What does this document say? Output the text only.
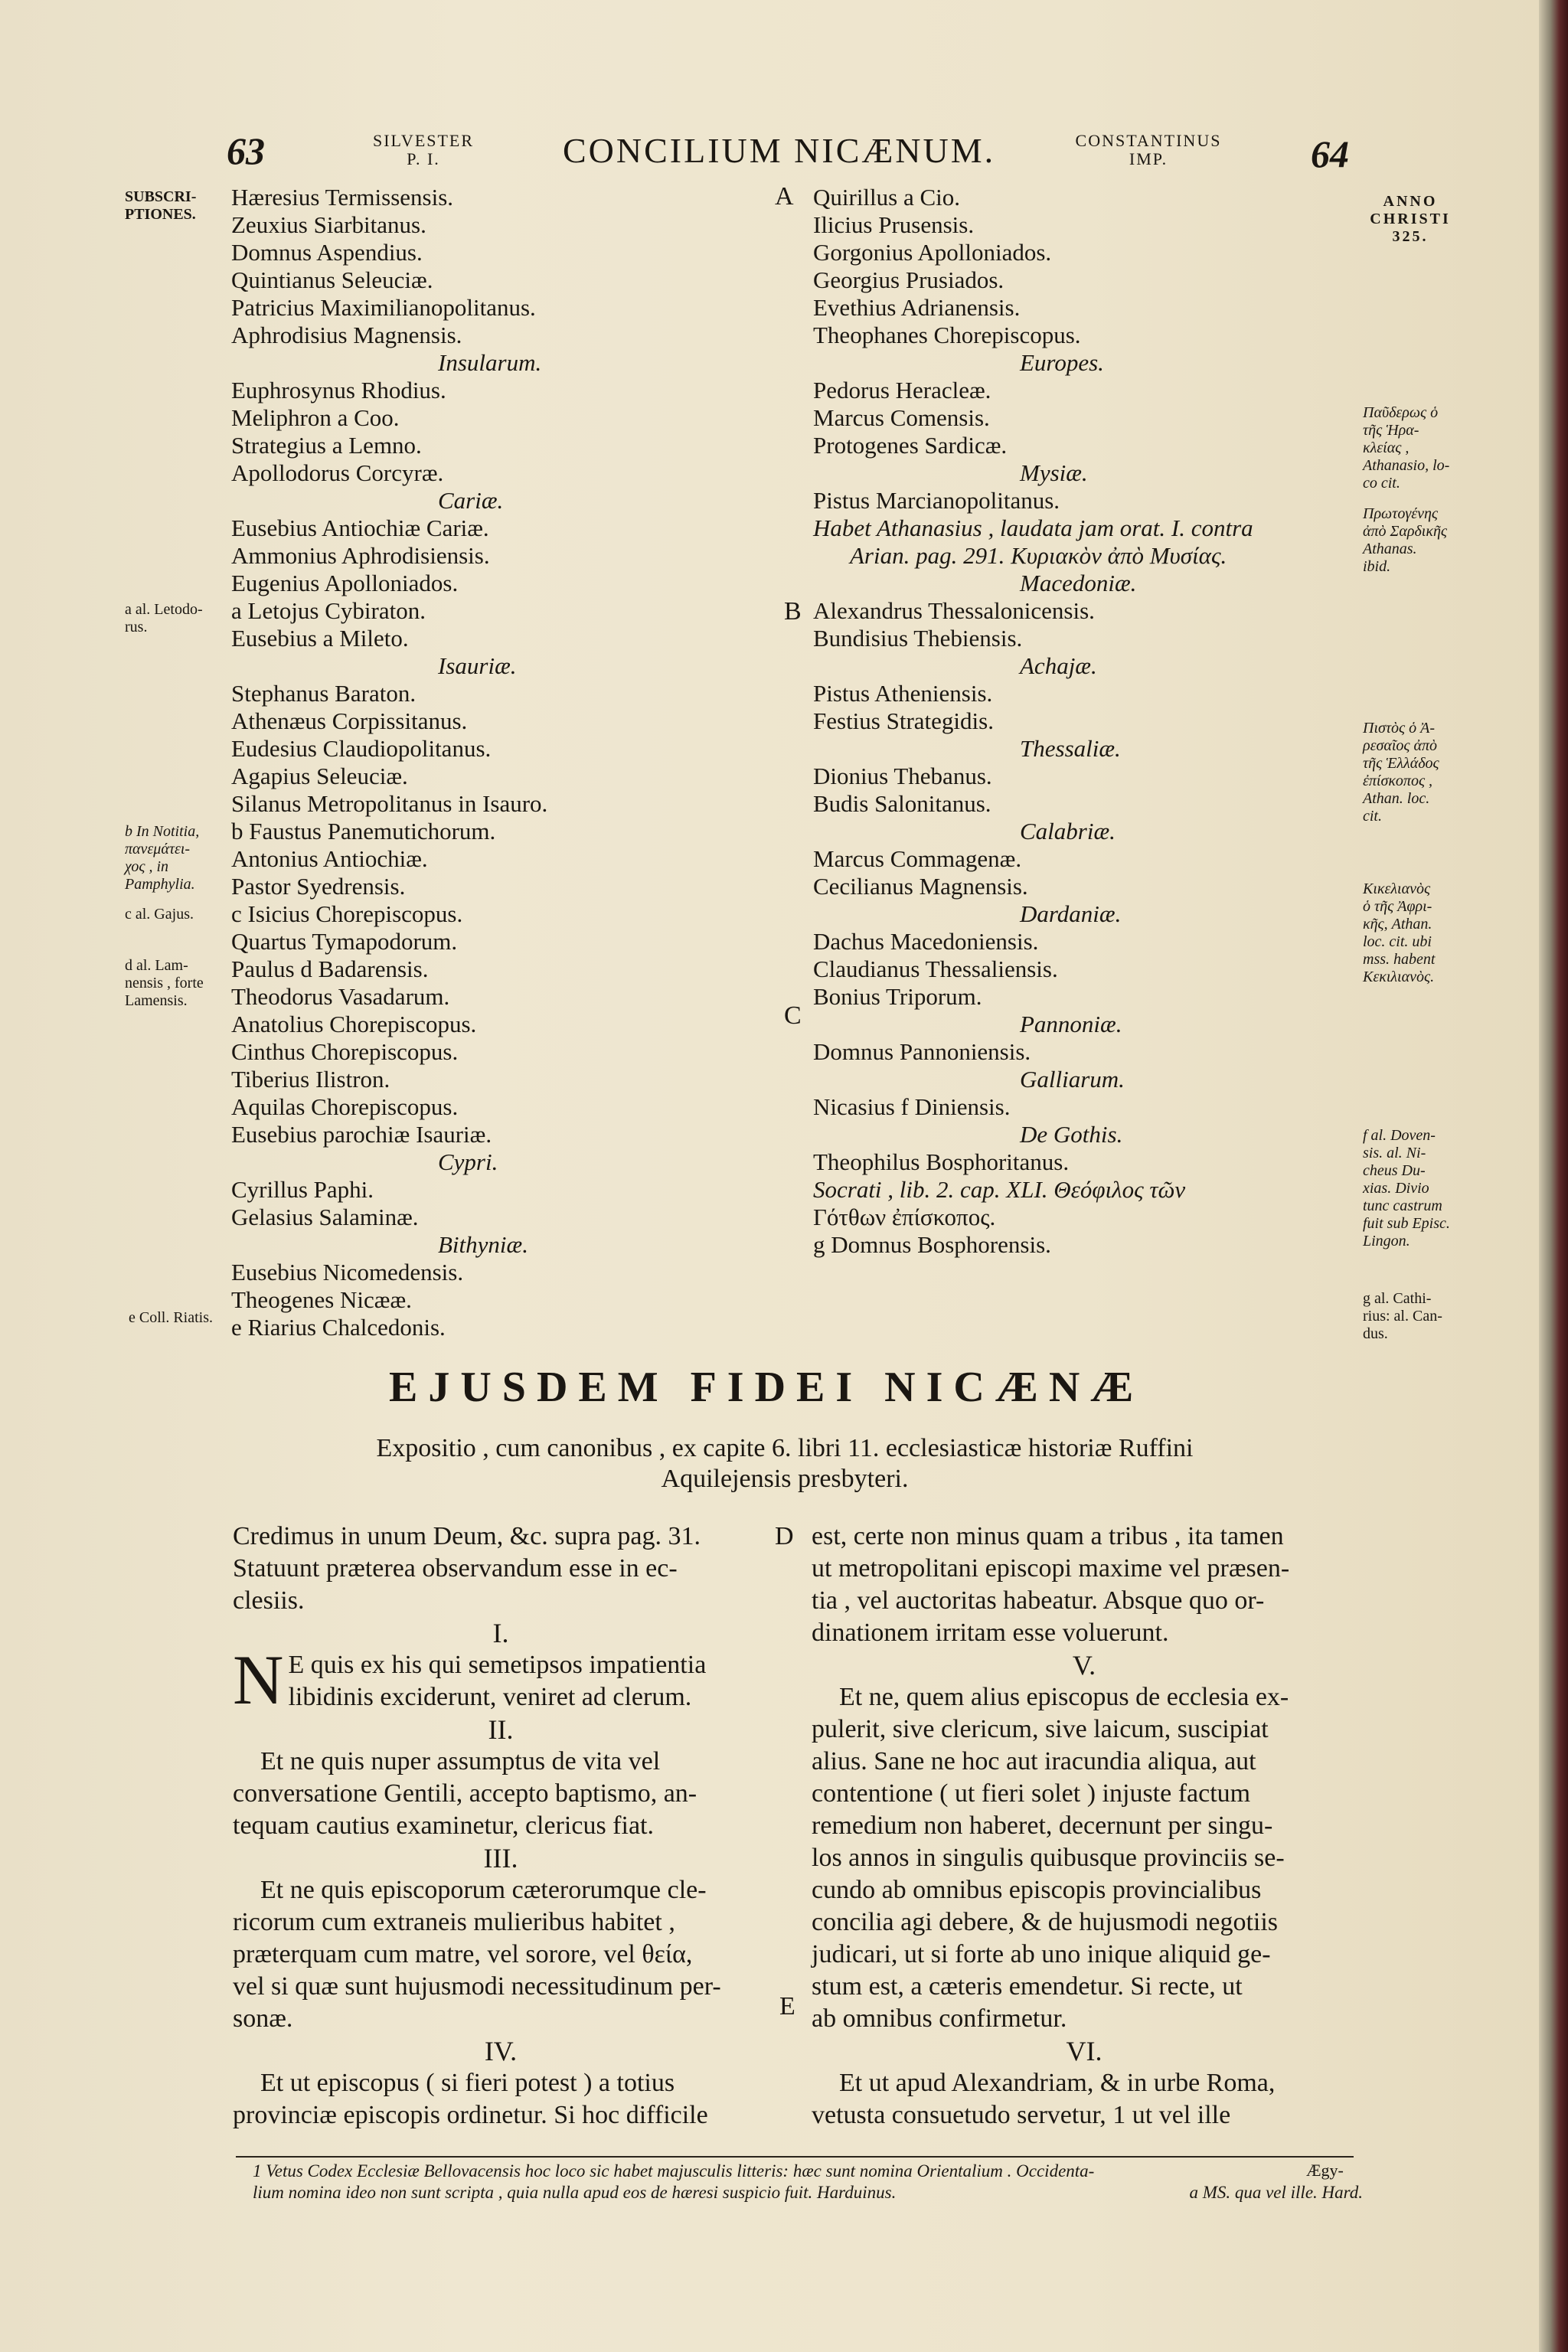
63	SILVESTER
P. I.	CONCILIUM NICÆNUM.	CONSTANTINUS
IMP.	64
SUBSCRI-
PTIONES.
a al. Letodo-
rus.
b In Notitia,
πανεμάτει-
χος , in
Pamphylia.
c al. Gajus.
d al. Lam-
nensis , forte
Lamensis.
e Coll. Riatis.
ANNO
CHRISTI
325.
Παῦδερως ὁ
τῆς Ἡρα-
κλείας ,
Athanasio, lo-
co cit.
Πρωτογένης
ἀπὸ Σαρδικῆς
Athanas.
ibid.
Πιστὸς ὁ Ἀ-
ρεσαῖος ἀπὸ
τῆς Ἑλλάδος
ἐπίσκοπος ,
Athan. loc.
cit.
Κικελιανὸς
ὁ τῆς Ἀφρι-
κῆς, Athan.
loc. cit. ubi
mss. habent
Κεκιλιανὸς.
f al. Doven-
sis. al. Ni-
cheus Du-
xias. Divio
tunc castrum
fuit sub Episc.
Lingon.
g al. Cathi-
rius: al. Can-
dus.
A
B
C
D
E
Hæresius Termissensis.
Zeuxius Siarbitanus.
Domnus Aspendius.
Quintianus Seleuciæ.
Patricius Maximilianopolitanus.
Aphrodisius Magnensis.
Insularum.
Euphrosynus Rhodius.
Meliphron a Coo.
Strategius a Lemno.
Apollodorus Corcyræ.
Cariæ.
Eusebius Antiochiæ Cariæ.
Ammonius Aphrodisiensis.
Eugenius Apolloniados.
a Letojus Cybiraton.
Eusebius a Mileto.
Isauriæ.
Stephanus Baraton.
Athenæus Corpissitanus.
Eudesius Claudiopolitanus.
Agapius Seleuciæ.
Silanus Metropolitanus in Isauro.
b Faustus Panemutichorum.
Antonius Antiochiæ.
Pastor Syedrensis.
c Isicius Chorepiscopus.
Quartus Tymapodorum.
Paulus d Badarensis.
Theodorus Vasadarum.
Anatolius Chorepiscopus.
Cinthus Chorepiscopus.
Tiberius Ilistron.
Aquilas Chorepiscopus.
Eusebius parochiæ Isauriæ.
Cypri.
Cyrillus Paphi.
Gelasius Salaminæ.
Bithyniæ.
Eusebius Nicomedensis.
Theogenes Nicææ.
e Riarius Chalcedonis.
Quirillus a Cio.
Ilicius Prusensis.
Gorgonius Apolloniados.
Georgius Prusiados.
Evethius Adrianensis.
Theophanes Chorepiscopus.
Europes.
Pedorus Heracleæ.
Marcus Comensis.
Protogenes Sardicæ.
Mysiæ.
Pistus Marcianopolitanus.
Habet Athanasius , laudata jam orat. I. contra
Arian. pag. 291. Κυριακὸν ἀπὸ Μυσίας.
Macedoniæ.
Alexandrus Thessalonicensis.
Bundisius Thebiensis.
Achajæ.
Pistus Atheniensis.
Festius Strategidis.
Thessaliæ.
Dionius Thebanus.
Budis Salonitanus.
Calabriæ.
Marcus Commagenæ.
Cecilianus Magnensis.
Dardaniæ.
Dachus Macedoniensis.
Claudianus Thessaliensis.
Bonius Triporum.
Pannoniæ.
Domnus Pannoniensis.
Galliarum.
Nicasius f Diniensis.
De Gothis.
Theophilus Bosphoritanus.
Socrati , lib. 2. cap. XLI. Θεόφιλος τῶν
Γότθων ἐπίσκοπος.
g Domnus Bosphorensis.
EJUSDEM FIDEI NICÆNÆ
Expositio , cum canonibus , ex capite 6. libri 11. ecclesiasticæ historiæ Ruffini
Aquilejensis presbyteri.

Credimus in unum Deum, &c. supra pag. 31.

Statuunt præterea observandum esse in ec-

clesiis.

I.

N E quis ex his qui semetipsos impatientia

libidinis exciderunt, veniret ad clerum.

II.

Et ne quis nuper assumptus de vita vel

conversatione Gentili, accepto baptismo, an-

tequam cautius examinetur, clericus fiat.

III.

Et ne quis episcoporum cæterorumque cle-

ricorum cum extraneis mulieribus habitet ,

præterquam cum matre, vel sorore, vel θεία,

vel si quæ sunt hujusmodi necessitudinum per-

sonæ.

IV.

Et ut episcopus ( si fieri potest ) a totius

provinciæ episcopis ordinetur. Si hoc difficile

est, certe non minus quam a tribus , ita tamen

ut metropolitani episcopi maxime vel præsen-

tia , vel auctoritas habeatur. Absque quo or-

dinationem irritam esse voluerunt.

V.

Et ne, quem alius episcopus de ecclesia ex-

pulerit, sive clericum, sive laicum, suscipiat

alius. Sane ne hoc aut iracundia aliqua, aut

contentione ( ut fieri solet ) injuste factum

remedium non haberet, decernunt per singu-

los annos in singulis quibusque provinciis se-

cundo ab omnibus episcopis provincialibus

concilia agi debere, & de hujusmodi negotiis

judicari, ut si forte ab uno inique aliquid ge-

stum est, a cæteris emendetur. Si recte, ut

ab omnibus confirmetur.

VI.

Et ut apud Alexandriam, & in urbe Roma,

vetusta consuetudo servetur, 1 ut vel ille

Ægy-
1 Vetus Codex Ecclesiæ Bellovacensis hoc loco sic habet majusculis litteris: hæc sunt nomina Orientalium . Occidenta-
lium nomina ideo non sunt scripta , quia nulla apud eos de hæresi suspicio fuit. Harduinus.	a MS. qua vel ille. Hard.
